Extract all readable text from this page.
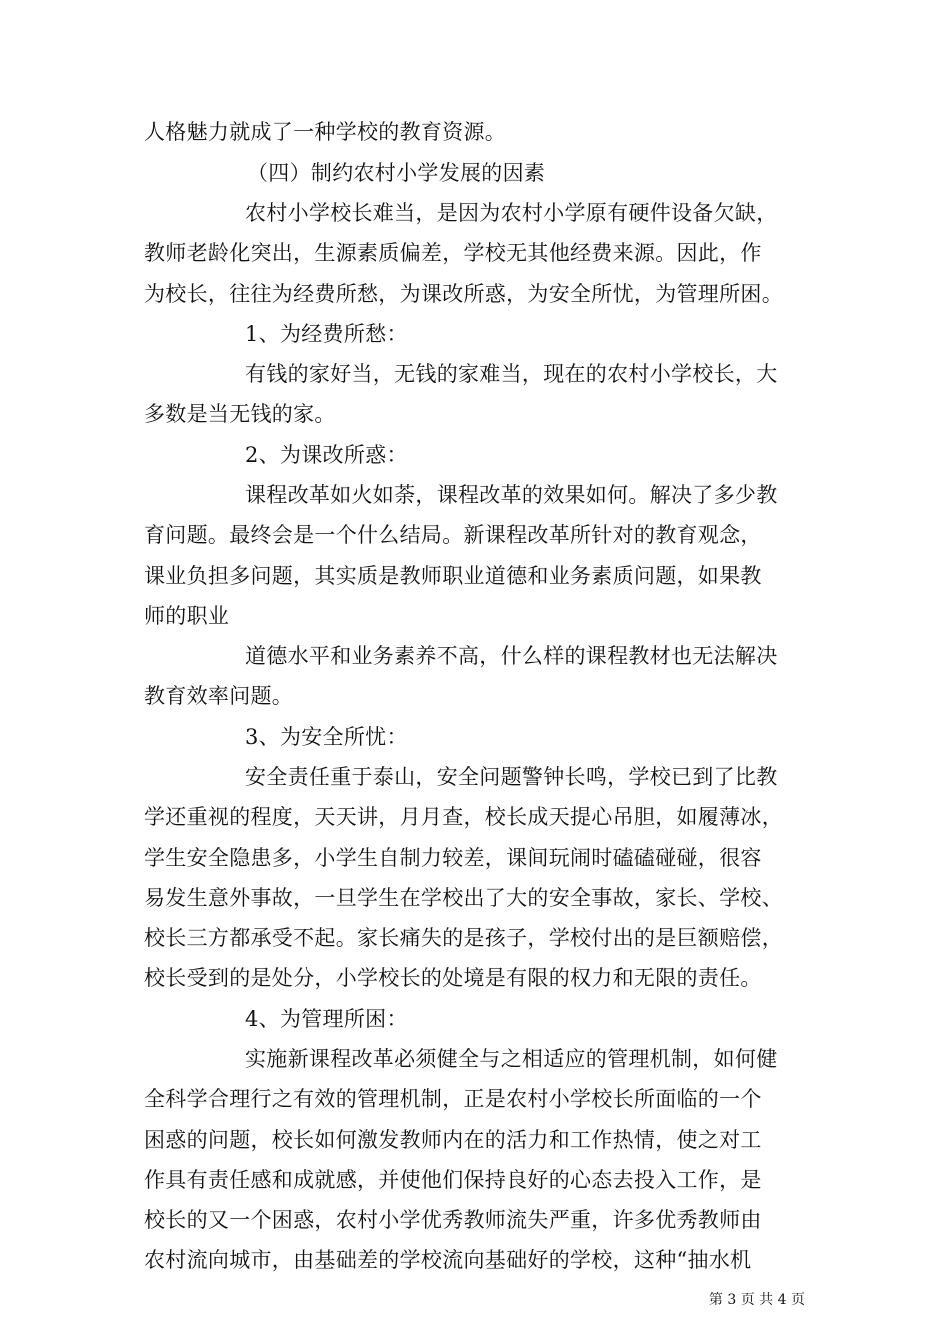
人格魅力就成了一种学校的教育资源。
（四）制约农村小学发展的因素
农村小学校长难当，是因为农村小学原有硬件设备欠缺，
教师老龄化突出，生源素质偏差，学校无其他经费来源。因此，作
为校长，往往为经费所愁，为课改所惑，为安全所忧，为管理所困。
1、为经费所愁：
有钱的家好当，无钱的家难当，现在的农村小学校长，大
多数是当无钱的家。
2、为课改所惑：
课程改革如火如荼，课程改革的效果如何。解决了多少教
育问题。最终会是一个什么结局。新课程改革所针对的教育观念，
课业负担多问题，其实质是教师职业道德和业务素质问题，如果教
师的职业
道德水平和业务素养不高，什么样的课程教材也无法解决
教育效率问题。
3、为安全所忧：
安全责任重于泰山，安全问题警钟长鸣，学校已到了比教
学还重视的程度，天天讲，月月查，校长成天提心吊胆，如履薄冰，
学生安全隐患多，小学生自制力较差，课间玩闹时磕磕碰碰，很容
易发生意外事故，一旦学生在学校出了大的安全事故，家长、学校、
校长三方都承受不起。家长痛失的是孩子，学校付出的是巨额赔偿，
校长受到的是处分，小学校长的处境是有限的权力和无限的责任。
4、为管理所困：
实施新课程改革必须健全与之相适应的管理机制，如何健
全科学合理行之有效的管理机制，正是农村小学校长所面临的一个
困惑的问题，校长如何激发教师内在的活力和工作热情，使之对工
作具有责任感和成就感，并使他们保持良好的心态去投入工作，是
校长的又一个困惑，农村小学优秀教师流失严重，许多优秀教师由
农村流向城市，由基础差的学校流向基础好的学校，这种“抽水机
第 3 页 共 4 页
